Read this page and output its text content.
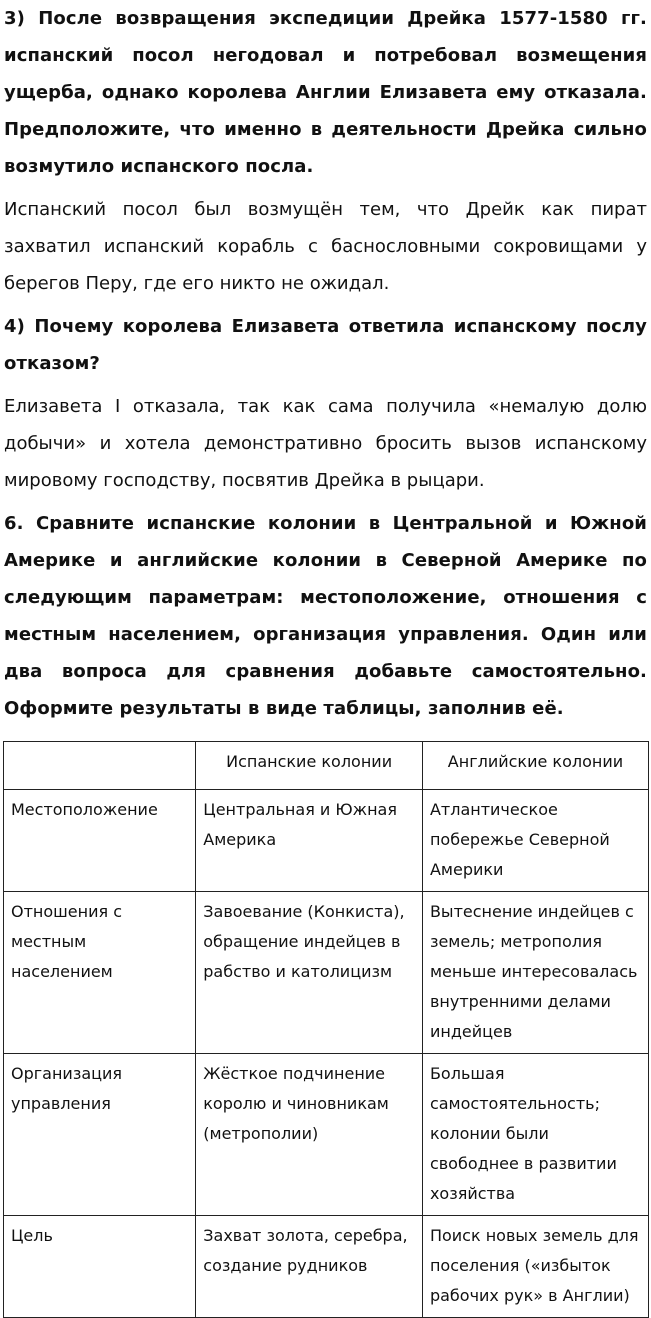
3) После возвращения экспедиции Дрейка 1577-1580 гг. испанский посол негодовал и потребовал возмещения ущерба, однако королева Англии Елизавета ему отказала. Предположите, что именно в деятельности Дрейка сильно возмутило испанского посла.

Испанский посол был возмущён тем, что Дрейк как пират захватил испанский корабль с баснословными сокровищами у берегов Перу, где его никто не ожидал.

4) Почему королева Елизавета ответила испанскому послу отказом?

Елизавета I отказала, так как сама получила «немалую долю добычи» и хотела демонстративно бросить вызов испанскому мировому господству, посвятив Дрейка в рыцари.

6. Сравните испанские колонии в Центральной и Южной Америке и английские колонии в Северной Америке по следующим параметрам: местоположение, отношения с местным населением, организация управления. Один или два вопроса для сравнения добавьте самостоятельно. Оформите результаты в виде таблицы, заполнив её.

	Испанские колонии	Английские колонии
Местоположение	Центральная и Южная Америка	Атлантическое побережье Северной Америки
Отношения с местным населением	Завоевание (Конкиста), обращение индейцев в рабство и католицизм	Вытеснение индейцев с земель; метрополия меньше интересовалась внутренними делами индейцев
Организация управления	Жёсткое подчинение королю и чиновникам (метрополии)	Большая самостоятельность; колонии были свободнее в развитии хозяйства
Цель	Захват золота, серебра, создание рудников	Поиск новых земель для поселения («избыток рабочих рук» в Англии)
